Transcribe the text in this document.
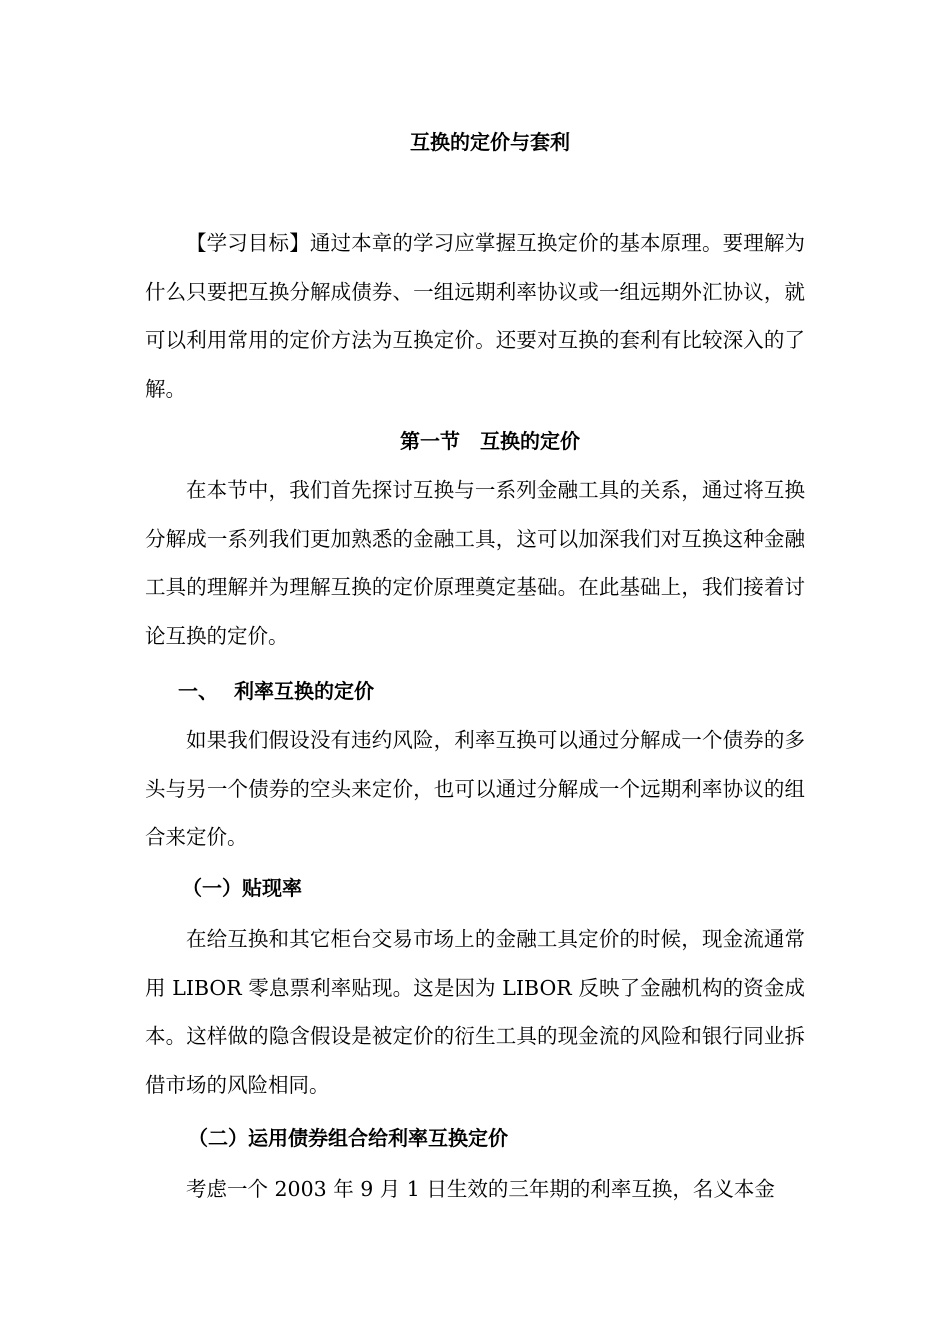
互换的定价与套利
【学习目标】通过本章的学习应掌握互换定价的基本原理。要理解为什么只要把互换分解成债券、一组远期利率协议或一组远期外汇协议，就可以利用常用的定价方法为互换定价。还要对互换的套利有比较深入的了解。
第一节　互换的定价
在本节中，我们首先探讨互换与一系列金融工具的关系，通过将互换分解成一系列我们更加熟悉的金融工具，这可以加深我们对互换这种金融工具的理解并为理解互换的定价原理奠定基础。在此基础上，我们接着讨论互换的定价。
一、 利率互换的定价
如果我们假设没有违约风险，利率互换可以通过分解成一个债券的多头与另一个债券的空头来定价，也可以通过分解成一个远期利率协议的组合来定价。
（一）贴现率
在给互换和其它柜台交易市场上的金融工具定价的时候，现金流通常用 LIBOR 零息票利率贴现。这是因为 LIBOR 反映了金融机构的资金成本。这样做的隐含假设是被定价的衍生工具的现金流的风险和银行同业拆借市场的风险相同。
（二）运用债券组合给利率互换定价
考虑一个 2003 年 9 月 1 日生效的三年期的利率互换，名义本金
